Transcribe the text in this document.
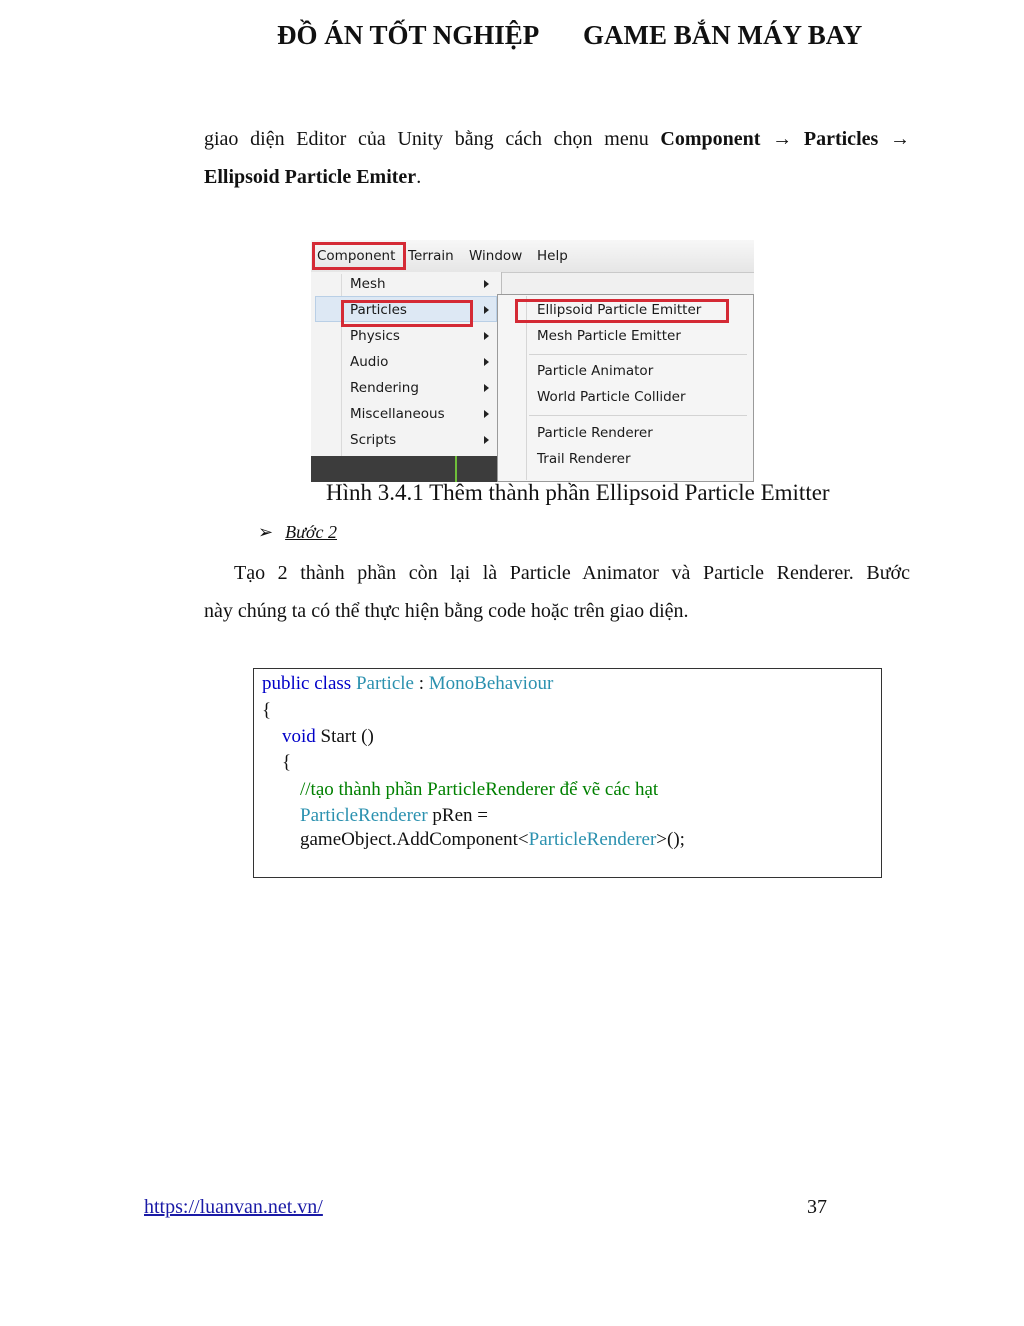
ĐỒ ÁN TỐT NGHIỆP GAME BẮN MÁY BAY
giao diện Editor của Unity bằng cách chọn menu Component → Particles →
Ellipsoid Particle Emiter.
Component Terrain Window Help
Mesh
Particles
Physics
Audio
Rendering
Miscellaneous
Scripts
Ellipsoid Particle Emitter
Mesh Particle Emitter
Particle Animator
World Particle Collider
Particle Renderer
Trail Renderer
Hình 3.4.1 Thêm thành phần Ellipsoid Particle Emitter
➢ Bước 2
Tạo 2 thành phần còn lại là Particle Animator và Particle Renderer. Bước
này chúng ta có thể thực hiện bằng code hoặc trên giao diện.
public class Particle : MonoBehaviour
{
void Start ()
{
//tạo thành phần ParticleRenderer để vẽ các hạt
ParticleRenderer pRen =
gameObject.AddComponent<ParticleRenderer>();
https://luanvan.net.vn/	37
